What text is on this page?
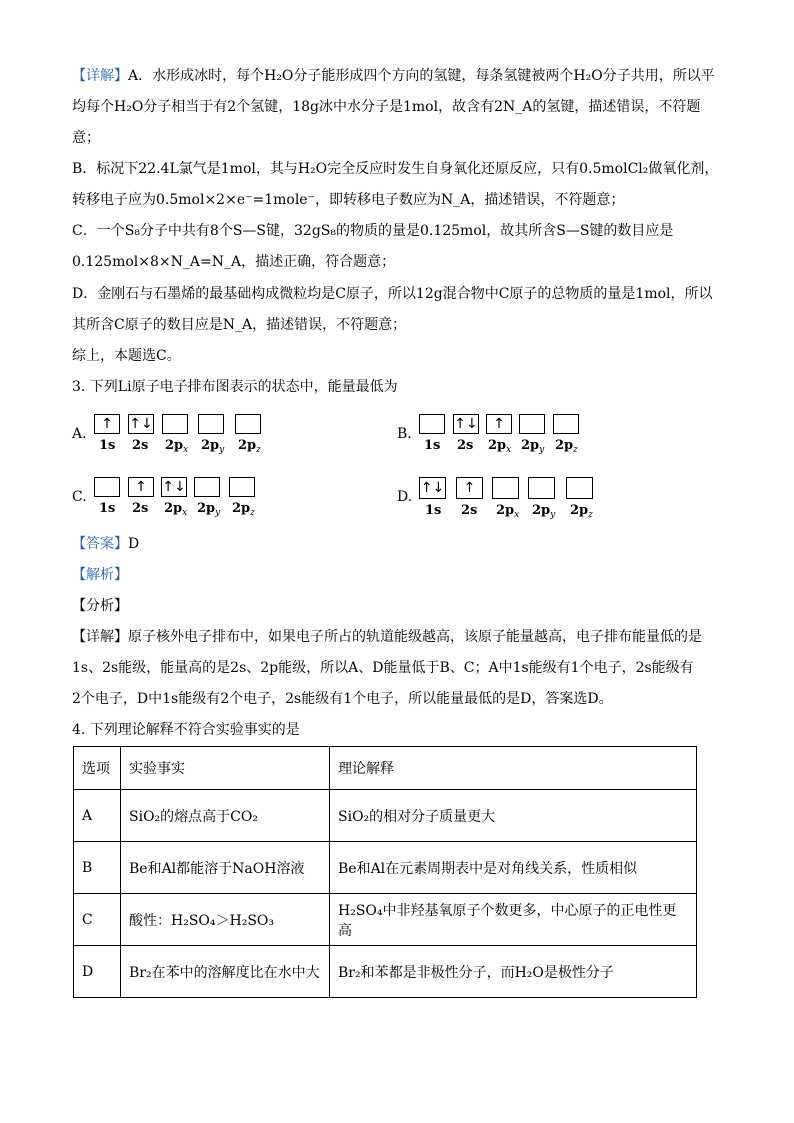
【详解】A．水形成冰时，每个H₂O分子能形成四个方向的氢键，每条氢键被两个H₂O分子共用，所以平
均每个H₂O分子相当于有2个氢键，18g冰中水分子是1mol，故含有2N_A的氢键，描述错误，不符题
意；
B．标况下22.4L氯气是1mol，其与H₂O完全反应时发生自身氧化还原反应，只有0.5molCl₂做氧化剂，
转移电子应为0.5mol×2×e⁻=1mole⁻，即转移电子数应为N_A，描述错误，不符题意；
C．一个S₈分子中共有8个S—S键，32gS₈的物质的量是0.125mol，故其所含S—S键的数目应是
0.125mol×8×N_A=N_A，描述正确，符合题意；
D．金刚石与石墨烯的最基础构成微粒均是C原子，所以12g混合物中C原子的总物质的量是1mol，所以
其所含C原子的数目应是N_A，描述错误，不符题意；
综上，本题选C。
3. 下列Li原子电子排布图表示的状态中，能量最低为
A.
↑	↑↓
1s 2s $2p_x$ $2p_y$ $2p_z$
B.
↑↓	↑
1s 2s $2p_x$ $2p_y$ $2p_z$
C.
↑	↑↓
1s 2s $2p_x$ $2p_y$ $2p_z$
D.
↑↓	↑
1s 2s $2p_x$ $2p_y$ $2p_z$
【答案】D
【解析】
【分析】
【详解】原子核外电子排布中，如果电子所占的轨道能级越高，该原子能量越高，电子排布能量低的是
1s、2s能级，能量高的是2s、2p能级，所以A、D能量低于B、C；A中1s能级有1个电子，2s能级有
2个电子，D中1s能级有2个电子，2s能级有1个电子，所以能量最低的是D，答案选D。
4. 下列理论解释不符合实验事实的是
选项	实验事实	理论解释
A	SiO₂的熔点高于CO₂	SiO₂的相对分子质量更大
B	Be和Al都能溶于NaOH溶液	Be和Al在元素周期表中是对角线关系，性质相似
C	酸性：H₂SO₄＞H₂SO₃	H₂SO₄中非羟基氧原子个数更多，中心原子的正电性更高
D	Br₂在苯中的溶解度比在水中大	Br₂和苯都是非极性分子，而H₂O是极性分子
